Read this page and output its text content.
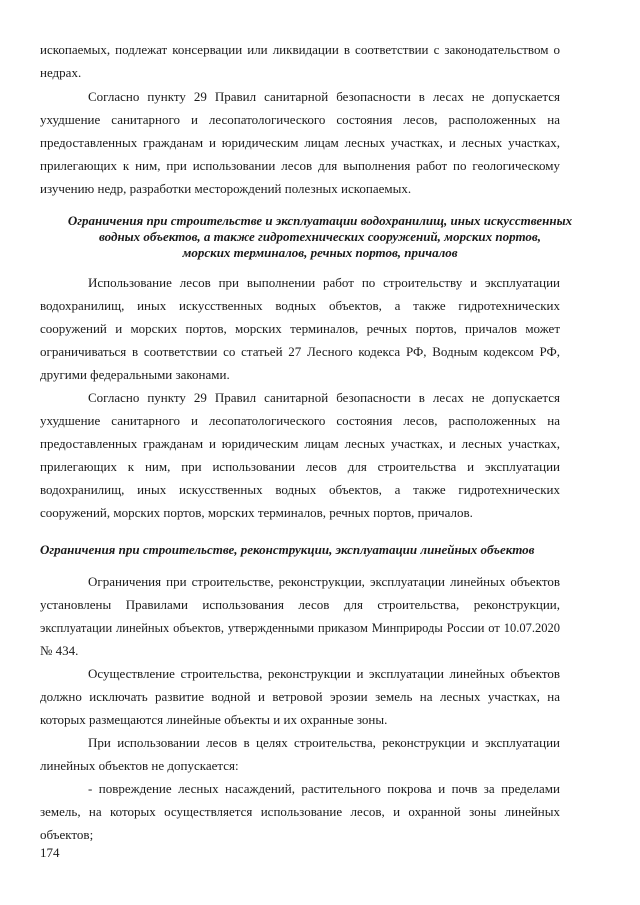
ископаемых, подлежат консервации или ликвидации в соответствии с законодательством о
недрах.
Согласно пункту 29 Правил санитарной безопасности в лесах не допускается
ухудшение санитарного и лесопатологического состояния лесов, расположенных на
предоставленных гражданам и юридическим лицам лесных участках, и лесных участках,
прилегающих к ним, при использовании лесов для выполнения работ по геологическому
изучению недр, разработки месторождений полезных ископаемых.
Ограничения при строительстве и эксплуатации водохранилищ, иных искусственных
водных объектов, а также гидротехнических сооружений, морских портов,
морских терминалов, речных портов, причалов
Использование лесов при выполнении работ по строительству и эксплуатации
водохранилищ, иных искусственных водных объектов, а также гидротехнических
сооружений и морских портов, морских терминалов, речных портов, причалов может
ограничиваться в соответствии со статьей 27 Лесного кодекса РФ, Водным кодексом РФ,
другими федеральными законами.
Согласно пункту 29 Правил санитарной безопасности в лесах не допускается
ухудшение санитарного и лесопатологического состояния лесов, расположенных на
предоставленных гражданам и юридическим лицам лесных участках, и лесных участках,
прилегающих к ним, при использовании лесов для строительства и эксплуатации
водохранилищ, иных искусственных водных объектов, а также гидротехнических
сооружений, морских портов, морских терминалов, речных портов, причалов.
Ограничения при строительстве, реконструкции, эксплуатации линейных объектов
Ограничения при строительстве, реконструкции, эксплуатации линейных объектов
установлены Правилами использования лесов для строительства, реконструкции,
эксплуатации линейных объектов, утвержденными приказом Минприроды России от 10.07.2020
№ 434.
Осуществление строительства, реконструкции и эксплуатации линейных объектов
должно исключать развитие водной и ветровой эрозии земель на лесных участках, на
которых размещаются линейные объекты и их охранные зоны.
При использовании лесов в целях строительства, реконструкции и эксплуатации
линейных объектов не допускается:
- повреждение лесных насаждений, растительного покрова и почв за пределами
земель, на которых осуществляется использование лесов, и охранной зоны линейных
объектов;
174
